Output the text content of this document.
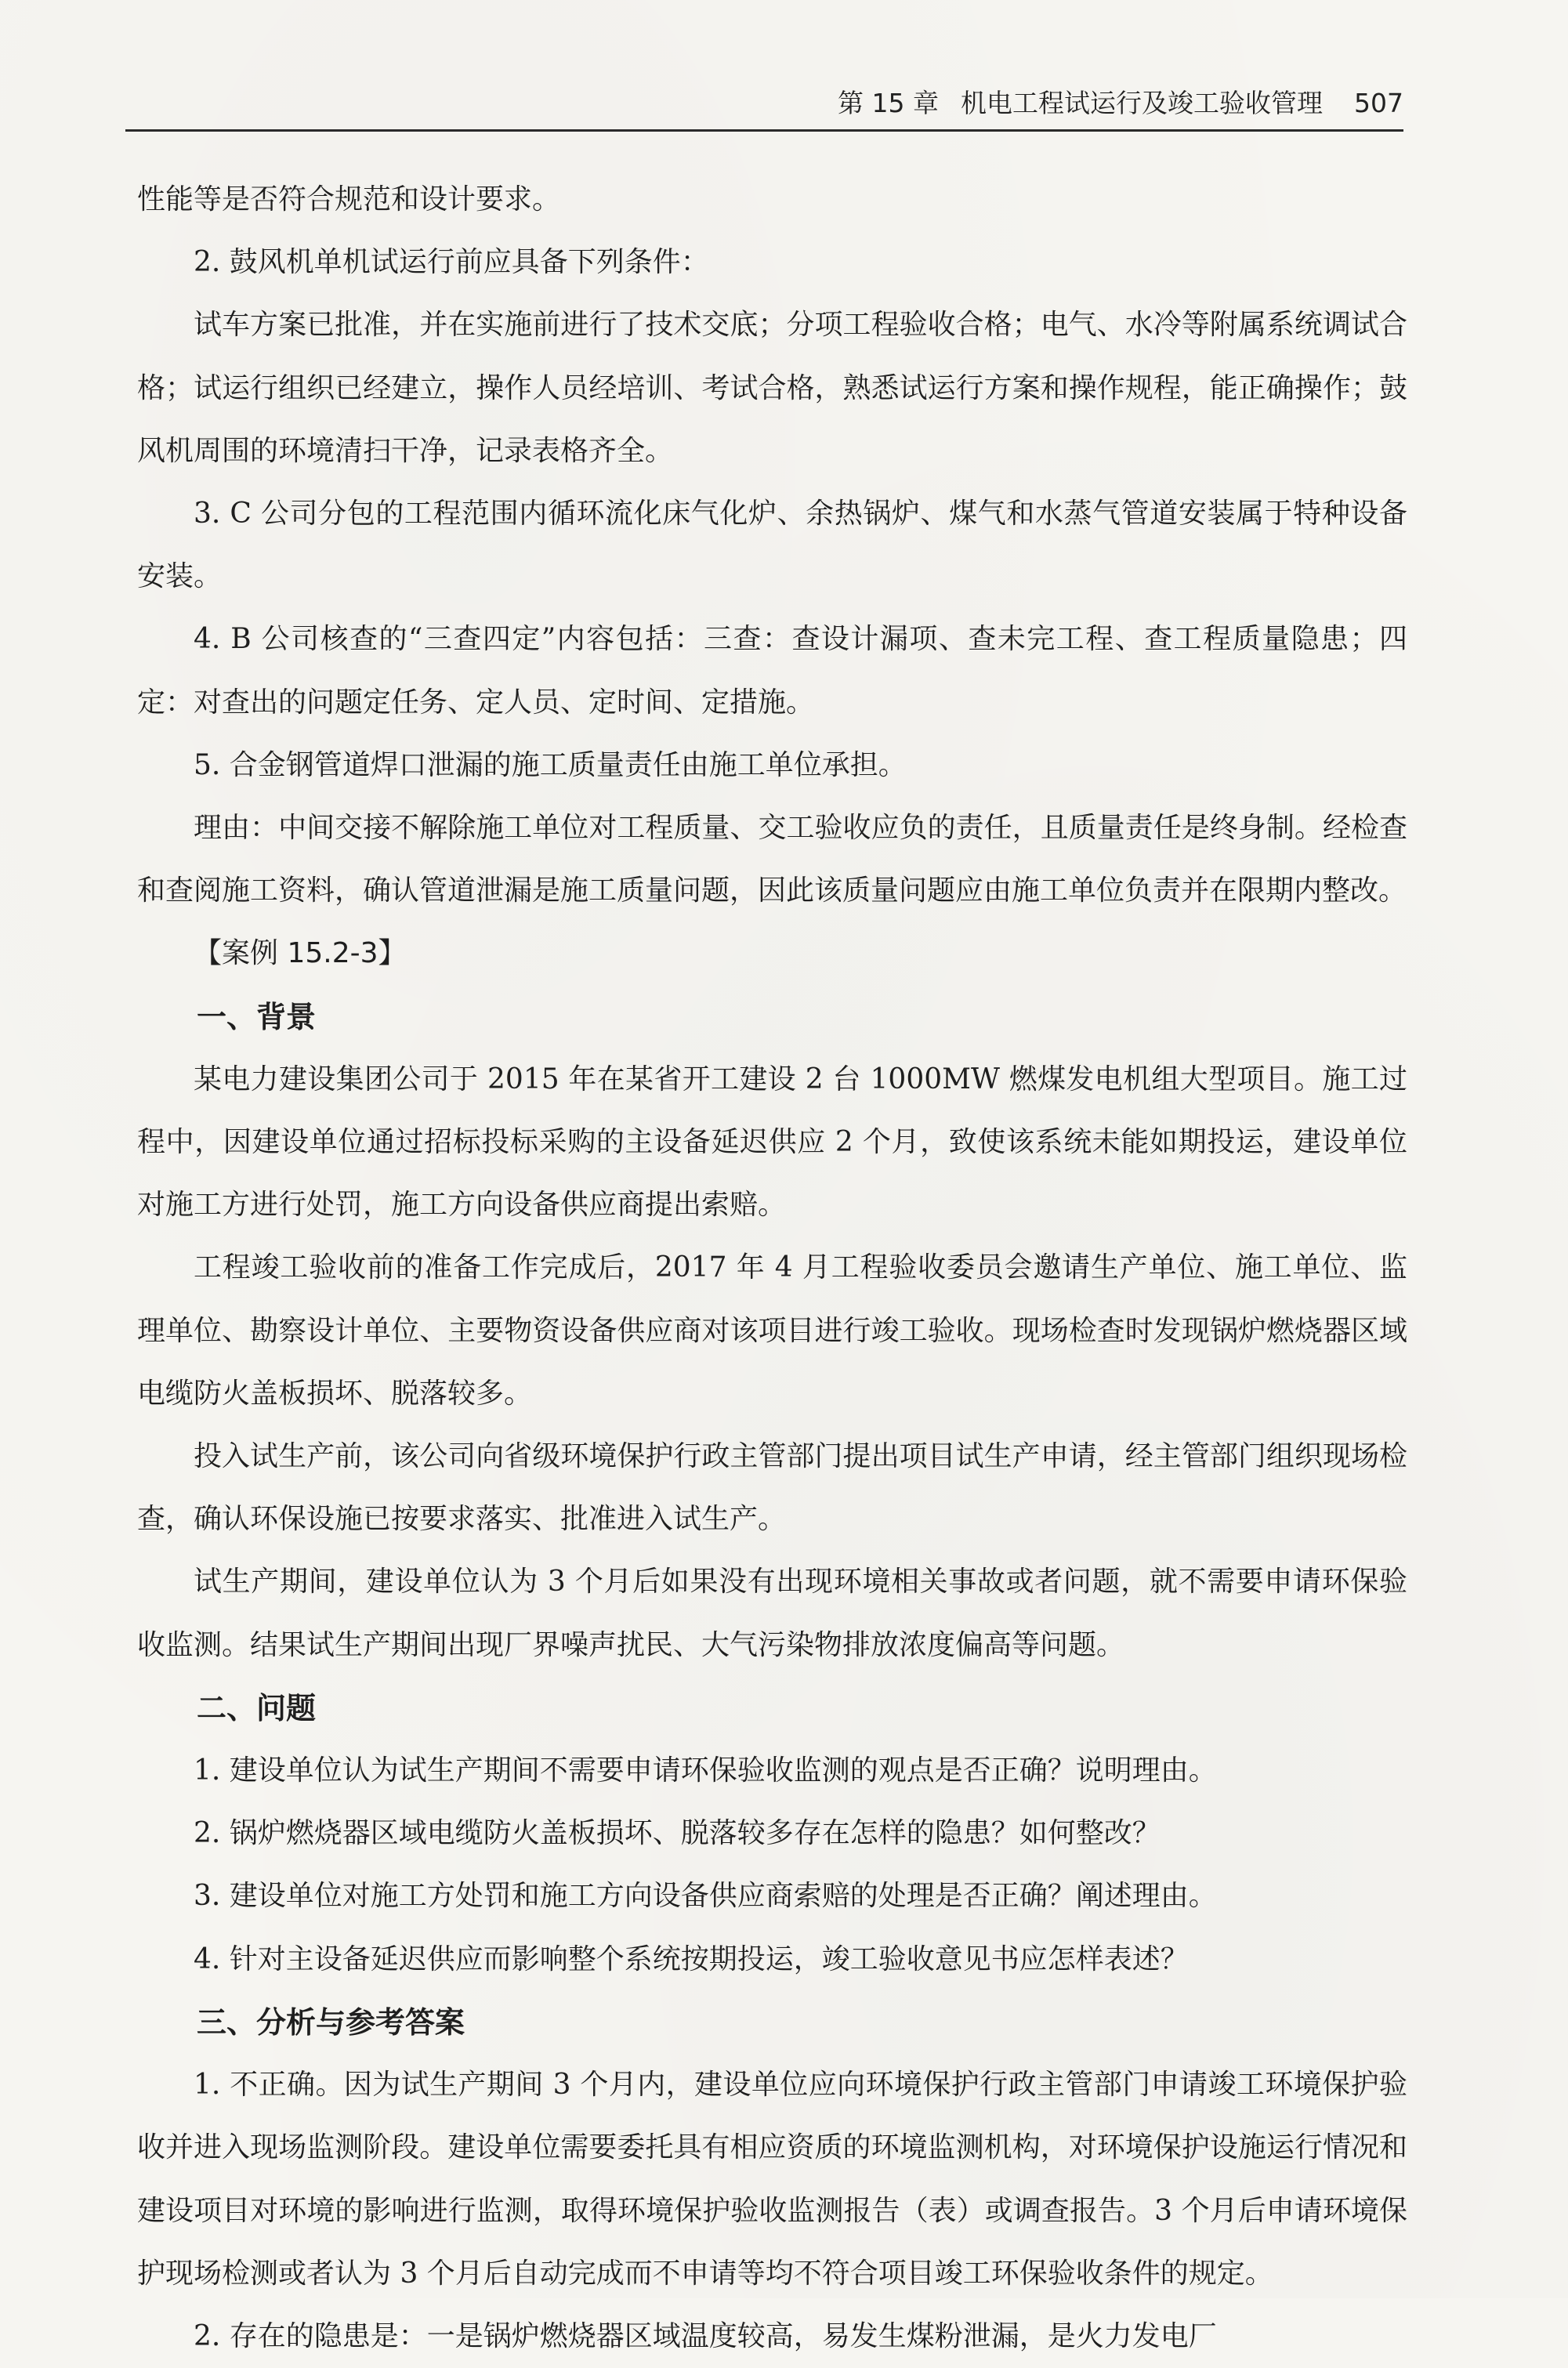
第 15 章 机电工程试运行及竣工验收管理 507

性能等是否符合规范和设计要求。

2. 鼓风机单机试运行前应具备下列条件：

试车方案已批准，并在实施前进行了技术交底；分项工程验收合格；电气、水冷等附属系统调试合格；试运行组织已经建立，操作人员经培训、考试合格，熟悉试运行方案和操作规程，能正确操作；鼓风机周围的环境清扫干净，记录表格齐全。

3. C 公司分包的工程范围内循环流化床气化炉、余热锅炉、煤气和水蒸气管道安装属于特种设备安装。

4. B 公司核查的“三查四定”内容包括：三查：查设计漏项、查未完工程、查工程质量隐患；四定：对查出的问题定任务、定人员、定时间、定措施。

5. 合金钢管道焊口泄漏的施工质量责任由施工单位承担。

理由：中间交接不解除施工单位对工程质量、交工验收应负的责任，且质量责任是终身制。经检查和查阅施工资料，确认管道泄漏是施工质量问题，因此该质量问题应由施工单位负责并在限期内整改。

【案例 15.2-3】

一、背景

某电力建设集团公司于 2015 年在某省开工建设 2 台 1000MW 燃煤发电机组大型项目。施工过程中，因建设单位通过招标投标采购的主设备延迟供应 2 个月，致使该系统未能如期投运，建设单位对施工方进行处罚，施工方向设备供应商提出索赔。

工程竣工验收前的准备工作完成后，2017 年 4 月工程验收委员会邀请生产单位、施工单位、监理单位、勘察设计单位、主要物资设备供应商对该项目进行竣工验收。现场检查时发现锅炉燃烧器区域电缆防火盖板损坏、脱落较多。

投入试生产前，该公司向省级环境保护行政主管部门提出项目试生产申请，经主管部门组织现场检查，确认环保设施已按要求落实、批准进入试生产。

试生产期间，建设单位认为 3 个月后如果没有出现环境相关事故或者问题，就不需要申请环保验收监测。结果试生产期间出现厂界噪声扰民、大气污染物排放浓度偏高等问题。

二、问题

1. 建设单位认为试生产期间不需要申请环保验收监测的观点是否正确？说明理由。

2. 锅炉燃烧器区域电缆防火盖板损坏、脱落较多存在怎样的隐患？如何整改？

3. 建设单位对施工方处罚和施工方向设备供应商索赔的处理是否正确？阐述理由。

4. 针对主设备延迟供应而影响整个系统按期投运，竣工验收意见书应怎样表述？

三、分析与参考答案

1. 不正确。因为试生产期间 3 个月内，建设单位应向环境保护行政主管部门申请竣工环境保护验收并进入现场监测阶段。建设单位需要委托具有相应资质的环境监测机构，对环境保护设施运行情况和建设项目对环境的影响进行监测，取得环境保护验收监测报告（表）或调查报告。3 个月后申请环境保护现场检测或者认为 3 个月后自动完成而不申请等均不符合项目竣工环保验收条件的规定。

2. 存在的隐患是：一是锅炉燃烧器区域温度较高，易发生煤粉泄漏，是火力发电厂
